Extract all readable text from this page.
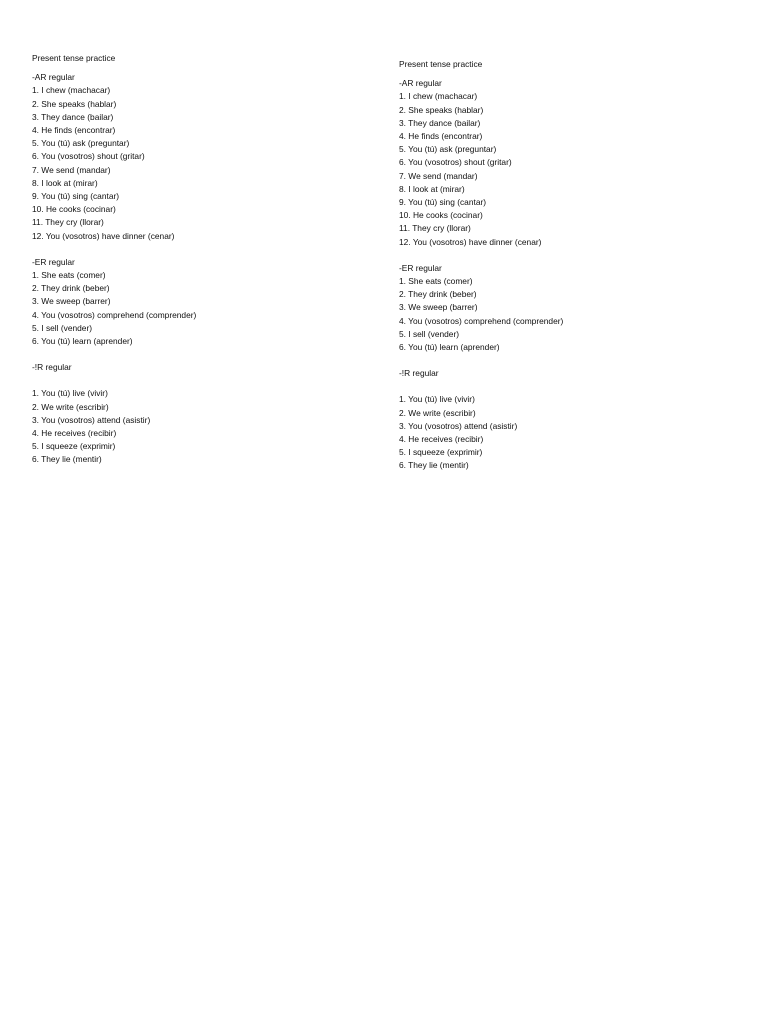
Present tense practice
-AR regular
1. I chew (machacar)
2. She speaks (hablar)
3. They dance (bailar)
4. He finds (encontrar)
5. You (tú) ask (preguntar)
6. You (vosotros) shout (gritar)
7. We send (mandar)
8. I look at (mirar)
9. You (tú) sing (cantar)
10. He cooks (cocinar)
11. They cry (llorar)
12. You (vosotros) have dinner (cenar)
-ER regular
1. She eats (comer)
2. They drink (beber)
3. We sweep (barrer)
4. You (vosotros) comprehend (comprender)
5. I sell (vender)
6. You (tú) learn (aprender)
-!R regular
1. You (tú) live (vivir)
2. We write (escribir)
3. You (vosotros) attend (asistir)
4. He receives (recibir)
5. I squeeze (exprimir)
6. They lie (mentir)
Present tense practice
-AR regular
1. I chew (machacar)
2. She speaks (hablar)
3. They dance (bailar)
4. He finds (encontrar)
5. You (tú) ask (preguntar)
6. You (vosotros) shout (gritar)
7. We send (mandar)
8. I look at (mirar)
9. You (tú) sing (cantar)
10. He cooks (cocinar)
11. They cry (llorar)
12. You (vosotros) have dinner (cenar)
-ER regular
1. She eats (comer)
2. They drink (beber)
3. We sweep (barrer)
4. You (vosotros) comprehend (comprender)
5. I sell (vender)
6. You (tú) learn (aprender)
-!R regular
1. You (tú) live (vivir)
2. We write (escribir)
3. You (vosotros) attend (asistir)
4. He receives (recibir)
5. I squeeze (exprimir)
6. They lie (mentir)
